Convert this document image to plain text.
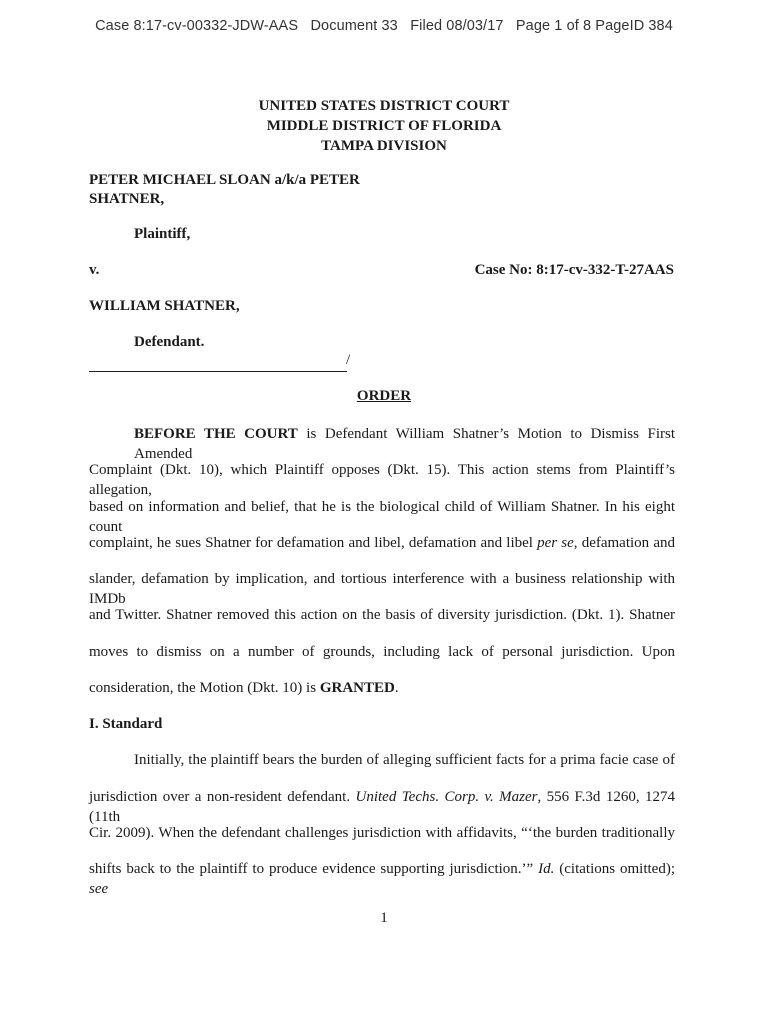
Case 8:17-cv-00332-JDW-AAS   Document 33   Filed 08/03/17   Page 1 of 8 PageID 384
UNITED STATES DISTRICT COURT
MIDDLE DISTRICT OF FLORIDA
TAMPA DIVISION
PETER MICHAEL SLOAN a/k/a PETER
SHATNER,
Plaintiff,
v.	Case No: 8:17-cv-332-T-27AAS
WILLIAM SHATNER,
Defendant.
/
ORDER
BEFORE THE COURT is Defendant William Shatner’s Motion to Dismiss First Amended
Complaint (Dkt. 10), which Plaintiff opposes (Dkt. 15). This action stems from Plaintiff’s allegation,
based on information and belief, that he is the biological child of William Shatner. In his eight count
complaint, he sues Shatner for defamation and libel, defamation and libel per se, defamation and
slander, defamation by implication, and tortious interference with a business relationship with IMDb
and Twitter. Shatner removed this action on the basis of diversity jurisdiction. (Dkt. 1). Shatner
moves to dismiss on a number of grounds, including lack of personal jurisdiction. Upon
consideration, the Motion (Dkt. 10) is GRANTED.
I. Standard
Initially, the plaintiff bears the burden of alleging sufficient facts for a prima facie case of
jurisdiction over a non-resident defendant. United Techs. Corp. v. Mazer, 556 F.3d 1260, 1274 (11th
Cir. 2009). When the defendant challenges jurisdiction with affidavits, “‘the burden traditionally
shifts back to the plaintiff to produce evidence supporting jurisdiction.’” Id. (citations omitted); see
1
